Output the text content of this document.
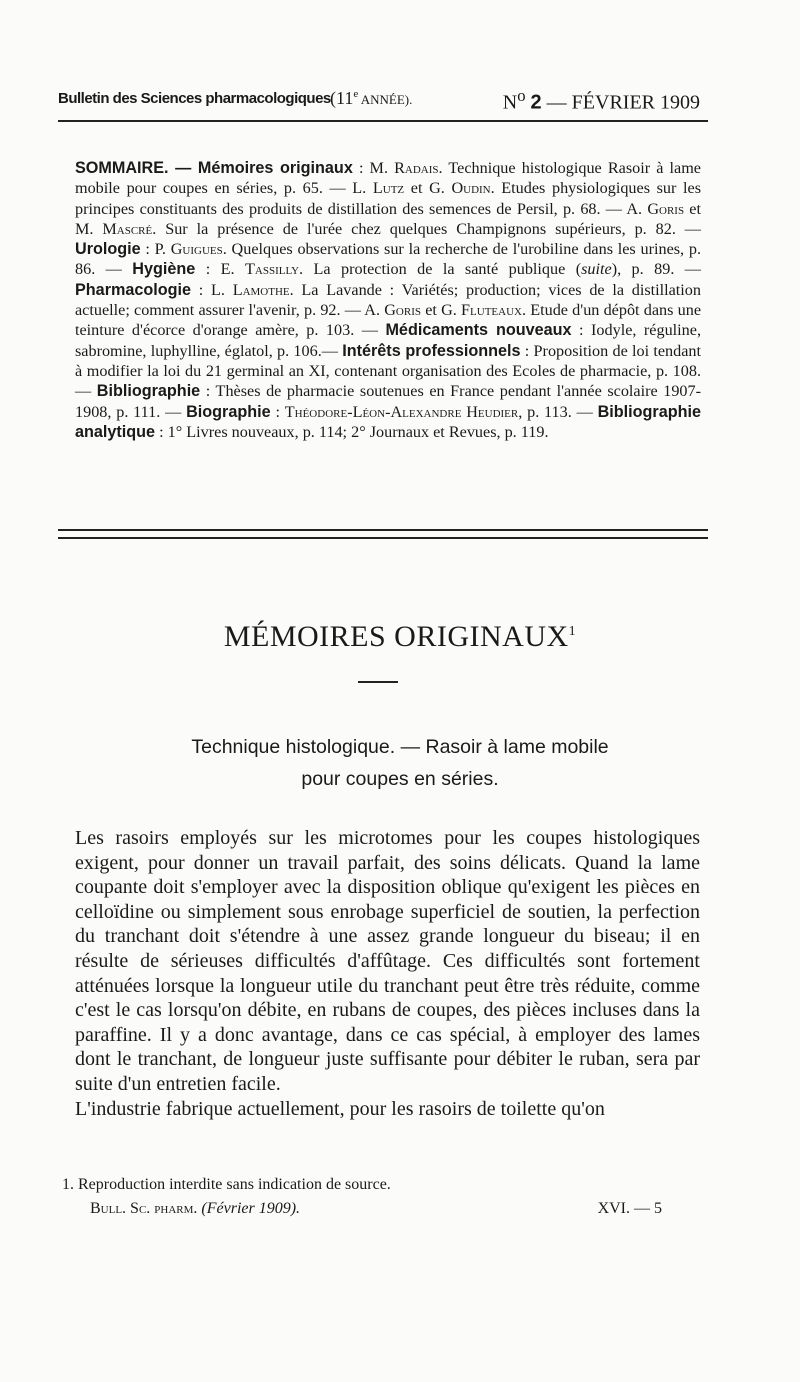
Bulletin des Sciences pharmacologiques (11e ANNÉE).	$N^o$ 2 — FÉVRIER 1909
SOMMAIRE. — Mémoires originaux : M. Radais. Technique histologique Rasoir à lame mobile pour coupes en séries, p. 65. — L. Lutz et G. Oudin. Etudes physiologiques sur les principes constituants des produits de distillation des semences de Persil, p. 68. — A. Goris et M. Mascré. Sur la présence de l'urée chez quelques Champignons supérieurs, p. 82. — Urologie : P. Guigues. Quelques observations sur la recherche de l'urobiline dans les urines, p. 86. — Hygiène : E. Tassilly. La protection de la santé publique (suite), p. 89. — Pharmacologie : L. Lamothe. La Lavande : Variétés; production; vices de la distillation actuelle; comment assurer l'avenir, p. 92. — A. Goris et G. Fluteaux. Etude d'un dépôt dans une teinture d'écorce d'orange amère, p. 103. — Médicaments nouveaux : Iodyle, réguline, sabromine, luphylline, églatol, p. 106.— Intérêts professionnels : Proposition de loi tendant à modifier la loi du 21 germinal an XI, contenant organisation des Ecoles de pharmacie, p. 108. — Bibliographie : Thèses de pharmacie soutenues en France pendant l'année scolaire 1907-1908, p. 111. — Biographie : Théodore-Léon-Alexandre Heudier, p. 113. — Bibliographie analytique : 1° Livres nouveaux, p. 114; 2° Journaux et Revues, p. 119.
MÉMOIRES ORIGINAUX$^1$
Technique histologique. — Rasoir à lame mobile
pour coupes en séries.

Les rasoirs employés sur les microtomes pour les coupes histologiques exigent, pour donner un travail parfait, des soins délicats. Quand la lame coupante doit s'employer avec la disposition oblique qu'exigent les pièces en celloïdine ou simplement sous enrobage superficiel de soutien, la perfection du tranchant doit s'étendre à une assez grande longueur du biseau; il en résulte de sérieuses difficultés d'affûtage. Ces difficultés sont fortement atténuées lorsque la longueur utile du tranchant peut être très réduite, comme c'est le cas lorsqu'on débite, en rubans de coupes, des pièces incluses dans la paraffine. Il y a donc avantage, dans ce cas spécial, à employer des lames dont le tranchant, de longueur juste suffisante pour débiter le ruban, sera par suite d'un entretien facile.

L'industrie fabrique actuellement, pour les rasoirs de toilette qu'on

1. Reproduction interdite sans indication de source.
Bull. Sc. pharm. (Février 1909).	XVI. — 5
